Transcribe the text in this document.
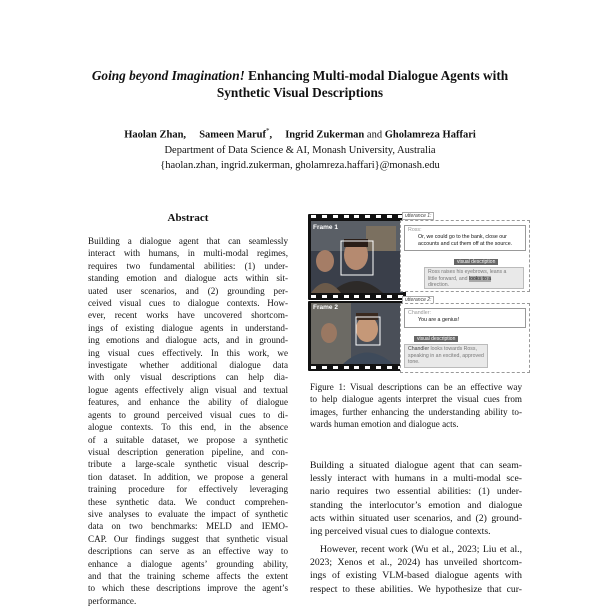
Going beyond Imagination! Enhancing Multi-modal Dialogue Agents with
Synthetic Visual Descriptions
Haolan Zhan, Sameen Maruf*,     Ingrid Zukerman and Gholamreza Haffari
Department of Data Science & AI, Monash University, Australia
{haolan.zhan, ingrid.zukerman, gholamreza.haffari}@monash.edu
Abstract
Building a dialogue agent that can seamlessly
interact with humans, in multi-modal regimes,
requires two fundamental abilities: (1) under-
standing emotion and dialogue acts within sit-
uated user scenarios, and (2) grounding per-
ceived visual cues to dialogue contexts. How-
ever, recent works have uncovered shortcom-
ings of existing dialogue agents in understand-
ing emotions and dialogue acts, and in ground-
ing visual cues effectively. In this work, we
investigate whether additional dialogue data
with only visual descriptions can help dia-
logue agents effectively align visual and textual
features, and enhance the ability of dialogue
agents to ground perceived visual cues to di-
alogue contexts. To this end, in the absence
of a suitable dataset, we propose a synthetic
visual description generation pipeline, and con-
tribute a large-scale synthetic visual descrip-
tion dataset. In addition, we propose a general
training procedure for effectively leveraging
these synthetic data. We conduct comprehen-
sive analyses to evaluate the impact of synthetic
data on two benchmarks: MELD and IEMO-
CAP. Our findings suggest that synthetic visual
descriptions can serve as an effective way to
enhance a dialogue agents’ grounding ability,
and that the training scheme affects the extent
to which these descriptions improve the agent’s
performance.
Frame 1
Frame 2
utterance 1:
Ross:
Or, we could go to the bank, close our
accounts and cut them off at the source.
visual description
Ross raises his eyebrows, leans a
little forward, and looks to a
direction.
utterance 2:
Chandler:
You are a genius!
visual description
Chandler looks towards Ross,
speaking in an excited, approved
tone.
Figure 1: Visual descriptions can be an effective way
to help dialogue agents interpret the visual cues from
images, further enhancing the understanding ability to-
wards human emotion and dialogue acts.
Building a situated dialogue agent that can seam-
lessly interact with humans in a multi-modal sce-
nario requires two essential abilities: (1) under-
standing the interlocutor’s emotion and dialogue
acts within situated user scenarios, and (2) ground-
ing perceived visual cues to dialogue contexts.
However, recent work (Wu et al., 2023; Liu et al.,
2023; Xenos et al., 2024) has unveiled shortcom-
ings of existing VLM-based dialogue agents with
respect to these abilities. We hypothesize that cur-
